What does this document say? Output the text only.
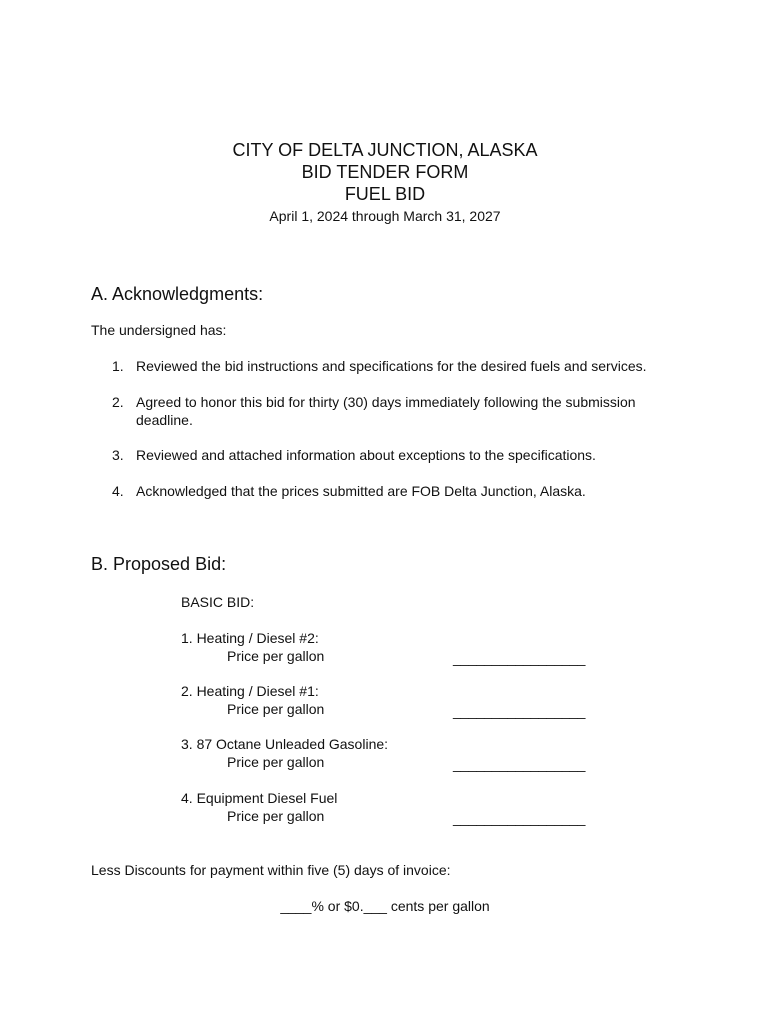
CITY OF DELTA JUNCTION, ALASKA
BID TENDER FORM
FUEL BID
April 1, 2024 through March 31, 2027
A. Acknowledgments:
The undersigned has:
1. Reviewed the bid instructions and specifications for the desired fuels and services.
2. Agreed to honor this bid for thirty (30) days immediately following the submission
deadline.
3. Reviewed and attached information about exceptions to the specifications.
4. Acknowledged that the prices submitted are FOB Delta Junction, Alaska.
B. Proposed Bid:
BASIC BID:
1. Heating / Diesel #2:
Price per gallon	_________________
2. Heating / Diesel #1:
Price per gallon	_________________
3. 87 Octane Unleaded Gasoline:
Price per gallon	_________________
4. Equipment Diesel Fuel
Price per gallon	_________________
Less Discounts for payment within five (5) days of invoice:
____% or $0.___ cents per gallon
